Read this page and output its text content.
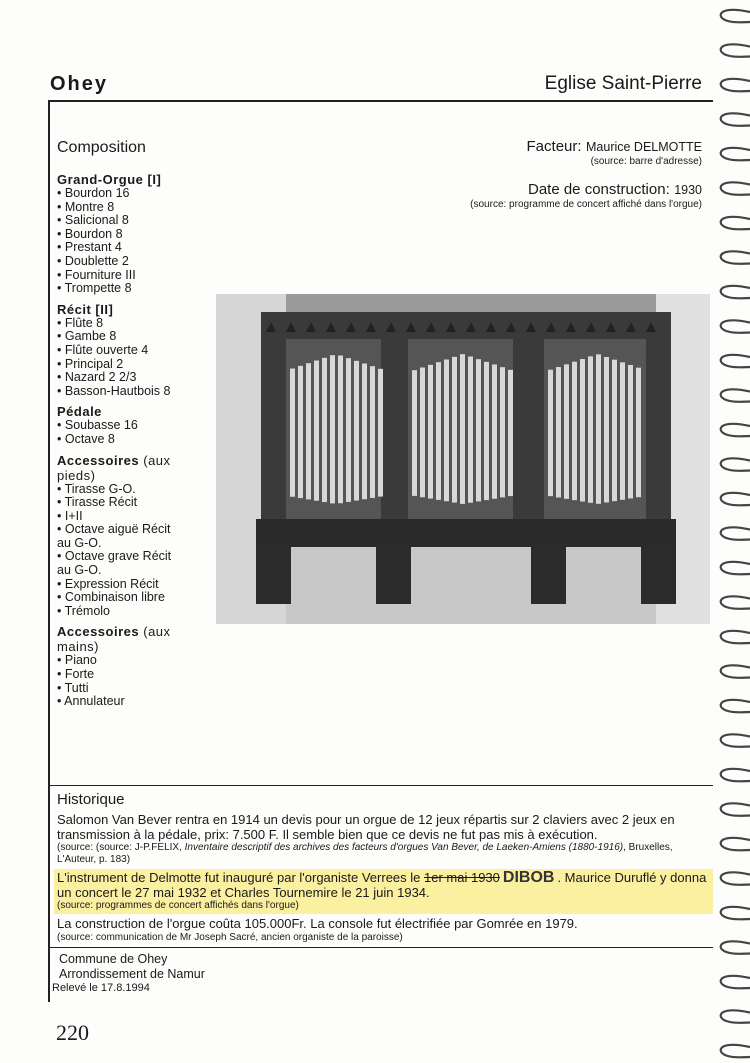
Ohey	Eglise Saint-Pierre
Composition
Grand-Orgue [I]
• Bourdon 16
• Montre 8
• Salicional 8
• Bourdon 8
• Prestant 4
• Doublette 2
• Fourniture III
• Trompette 8
Récit [II]
• Flûte 8
• Gambe 8
• Flûte ouverte 4
• Principal 2
• Nazard 2 2/3
• Basson-Hautbois 8
Pédale
• Soubasse 16
• Octave 8
Accessoires (aux pieds)
• Tirasse G-O.
• Tirasse Récit
• I+II
• Octave aiguë Récit au G-O.
• Octave grave Récit au G-O.
• Expression Récit
• Combinaison libre
• Trémolo
Accessoires (aux mains)
• Piano
• Forte
• Tutti
• Annulateur
Facteur: Maurice DELMOTTE
(source: barre d'adresse)
Date de construction: 1930
(source: programme de concert affiché dans l'orgue)
Historique

Salomon Van Bever rentra en 1914 un devis pour un orgue de 12 jeux répartis sur 2 claviers avec 2 jeux en transmission à la pédale, prix: 7.500 F. Il semble bien que ce devis ne fut pas mis à exécution.

(source: (source: J-P.FELIX, Inventaire descriptif des archives des facteurs d'orgues Van Bever, de Laeken-Amiens (1880-1916), Bruxelles, L'Auteur, p. 183)

L'instrument de Delmotte fut inauguré par l'organiste Verrees le 1er mai 1930 DIBOB . Maurice Duruflé y donna un concert le 27 mai 1932 et Charles Tournemire le 21 juin 1934.

(source: programmes de concert affichés dans l'orgue)

La construction de l'orgue coûta 105.000Fr. La console fut électrifiée par Gomrée en 1979.

(source: communication de Mr Joseph Sacré, ancien organiste de la paroisse)

Commune de Ohey
Arrondissement de Namur
Relevé le 17.8.1994
220
